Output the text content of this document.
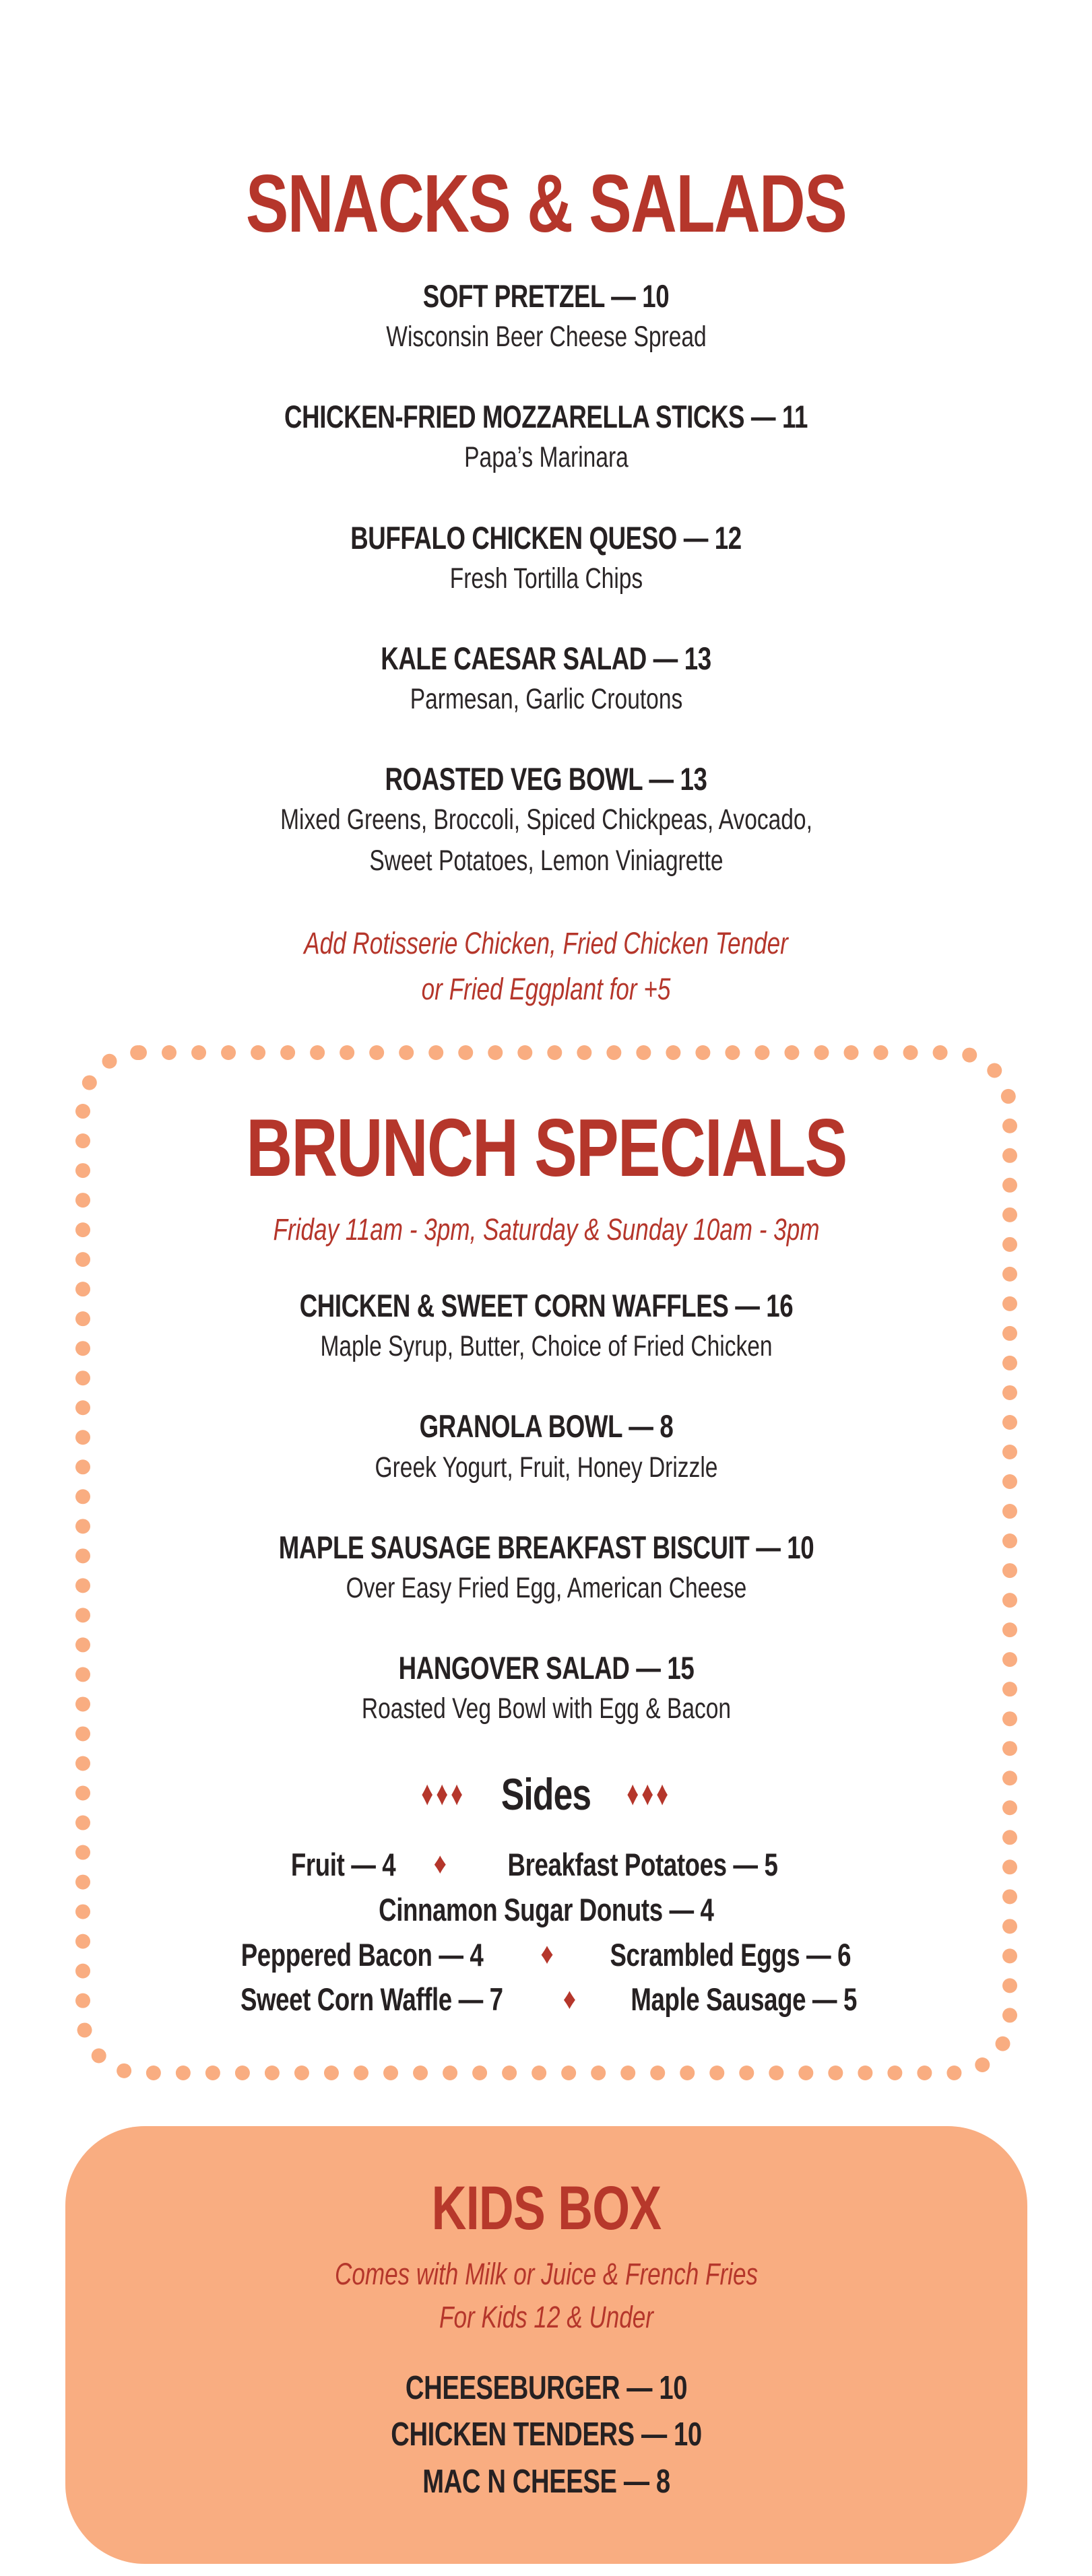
SNACKS & SALADS
SOFT PRETZEL — 10
Wisconsin Beer Cheese Spread
CHICKEN-FRIED MOZZARELLA STICKS — 11
Papa’s Marinara
BUFFALO CHICKEN QUESO — 12
Fresh Tortilla Chips
KALE CAESAR SALAD — 13
Parmesan, Garlic Croutons
ROASTED VEG BOWL — 13
Mixed Greens, Broccoli, Spiced Chickpeas, Avocado, Sweet Potatoes, Lemon Viniagrette
Add Rotisserie Chicken, Fried Chicken Tender
or Fried Eggplant for +5
BRUNCH SPECIALS
Friday 11am - 3pm, Saturday & Sunday 10am - 3pm
CHICKEN & SWEET CORN WAFFLES — 16
Maple Syrup, Butter, Choice of Fried Chicken
GRANOLA BOWL — 8
Greek Yogurt, Fruit, Honey Drizzle
MAPLE SAUSAGE BREAKFAST BISCUIT — 10
Over Easy Fried Egg, American Cheese
HANGOVER SALAD — 15
Roasted Veg Bowl with Egg & Bacon
♦♦♦ Sides ♦♦♦
Fruit — 4 ♦ Breakfast Potatoes — 5
Cinnamon Sugar Donuts — 4
Peppered Bacon — 4 ♦ Scrambled Eggs — 6
Sweet Corn Waffle — 7 ♦ Maple Sausage — 5
KIDS BOX
Comes with Milk or Juice & French Fries
For Kids 12 & Under
CHEESEBURGER — 10
CHICKEN TENDERS — 10
MAC N CHEESE — 8
